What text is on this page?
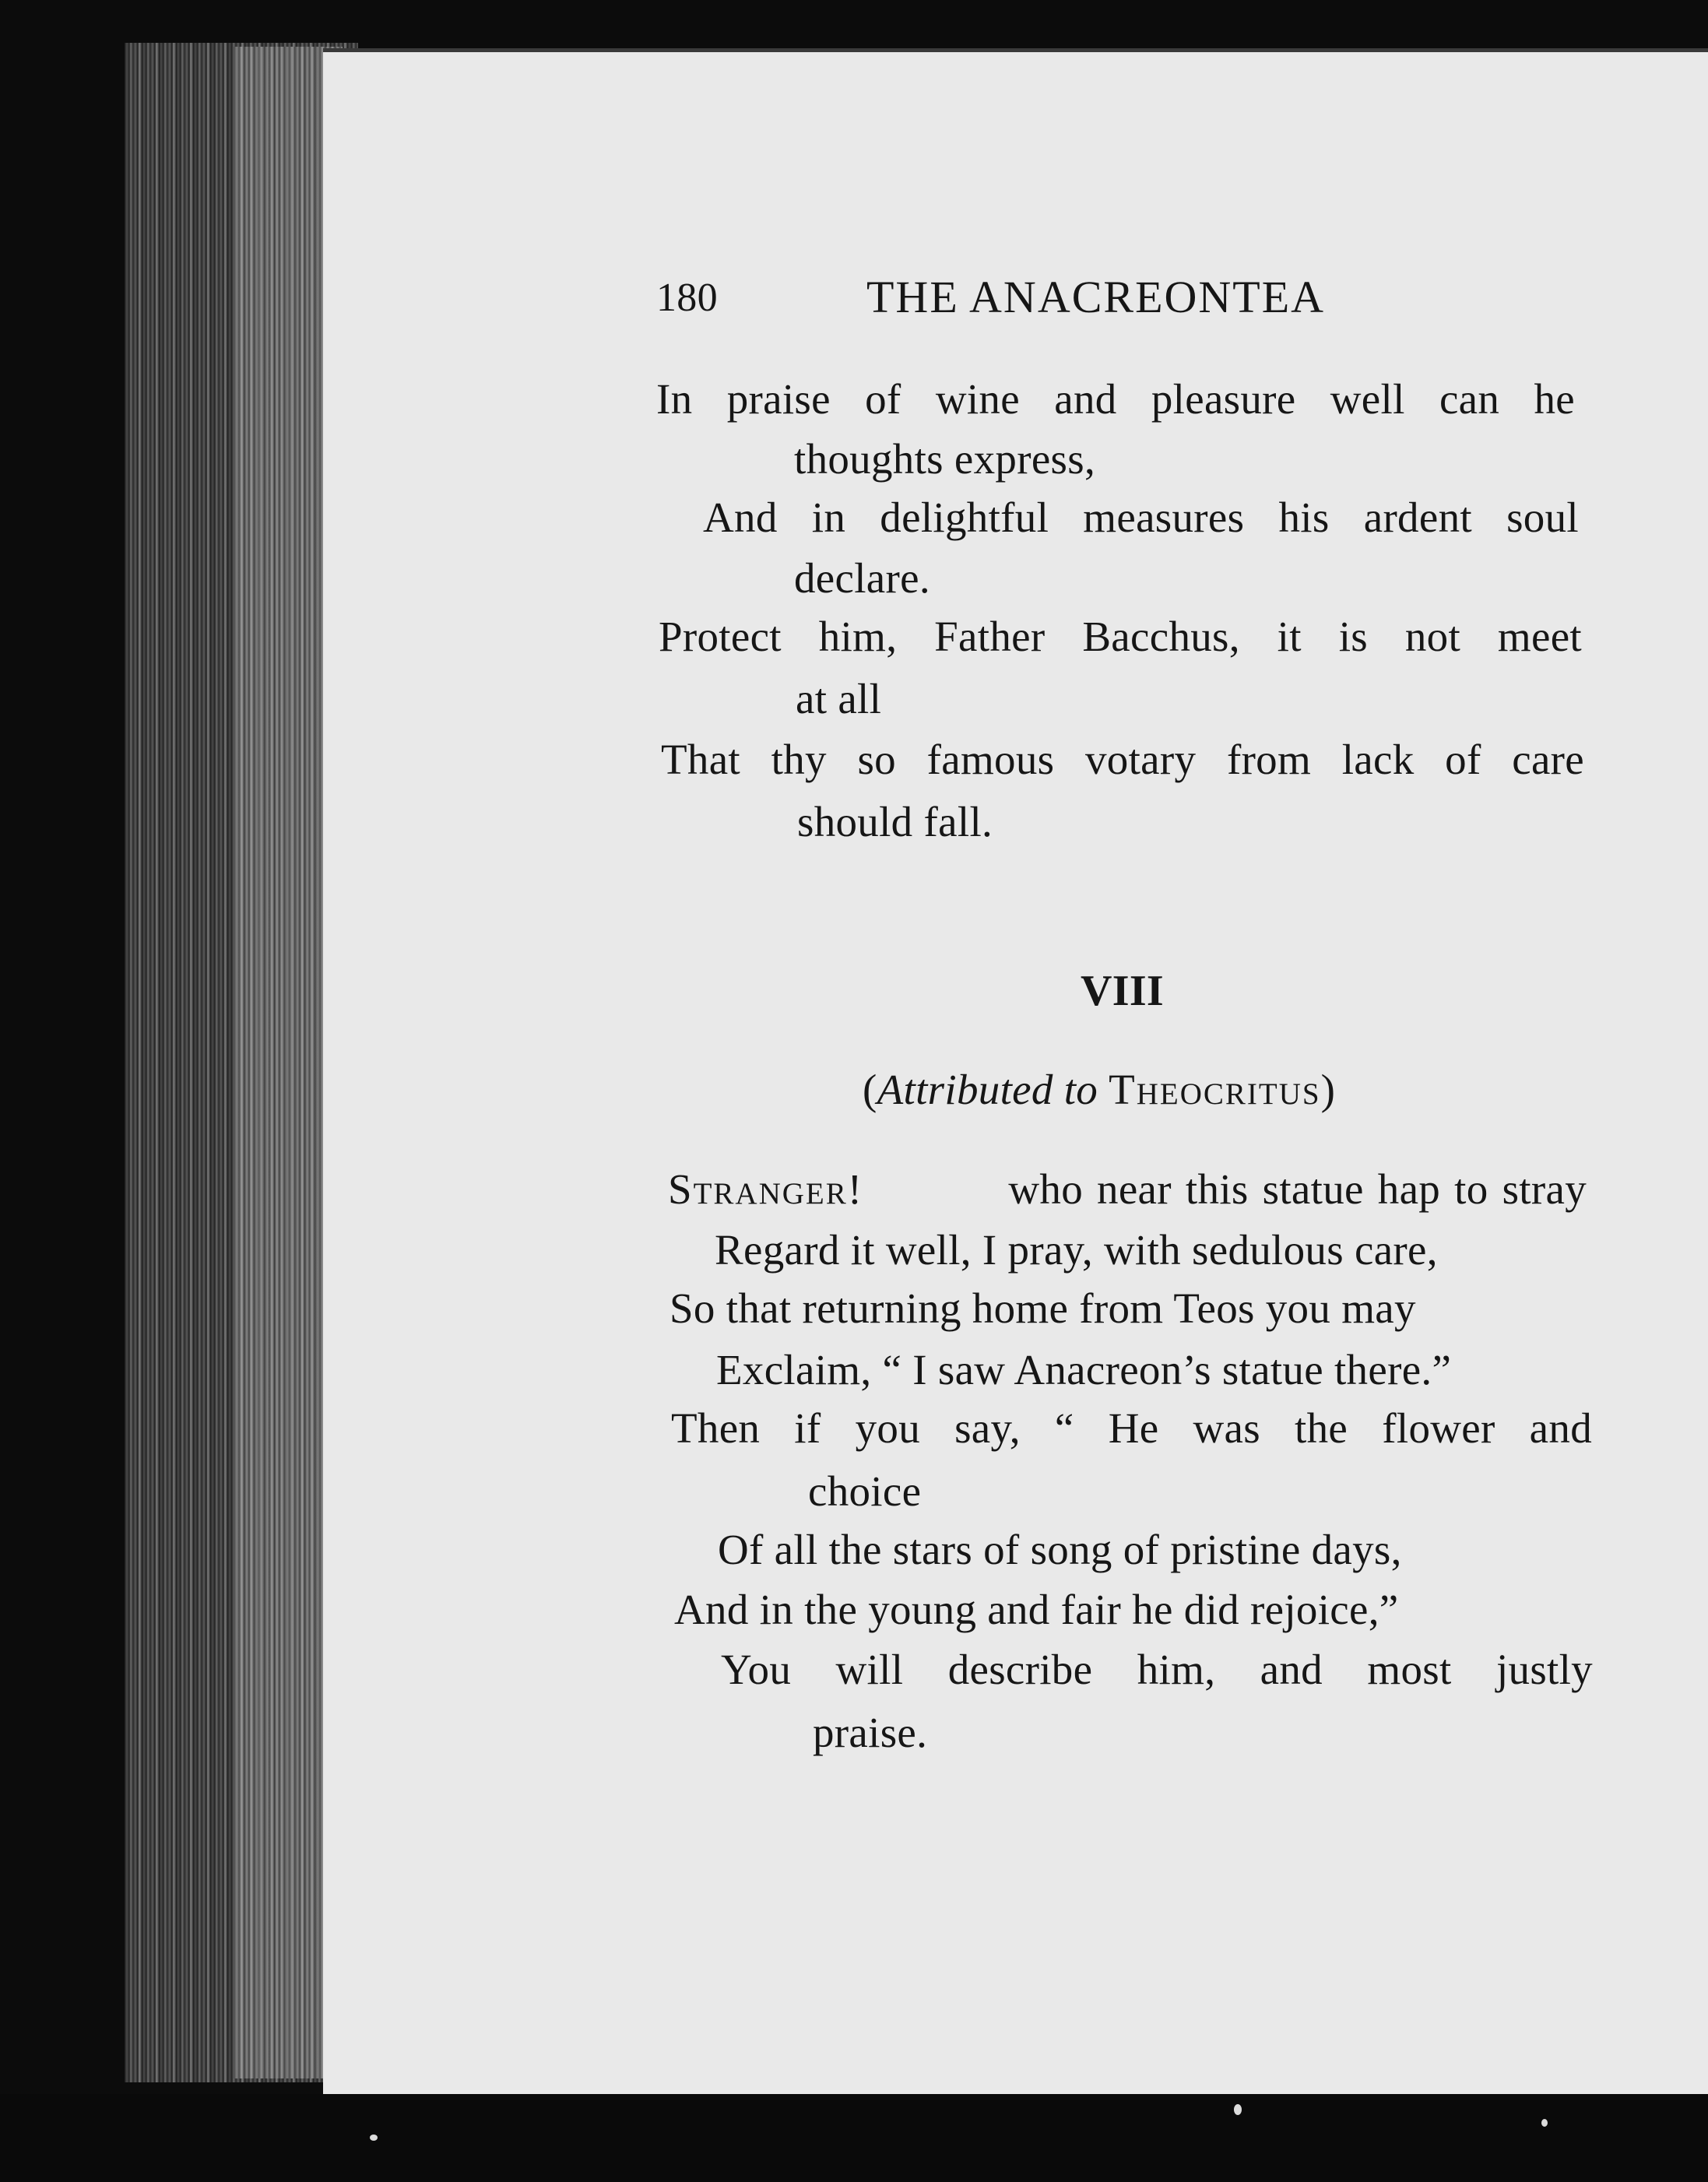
180	THE ANACREONTEA
In praise of wine and pleasure well can he
thoughts express,
And in delightful measures his ardent soul
declare.
Protect him, Father Bacchus, it is not meet
at all
That thy so famous votary from lack of care
should fall.
VIII
(Attributed to Theocritus)
Stranger!	who near this statue hap to stray
Regard it well, I pray, with sedulous care,
So that returning home from Teos you may
Exclaim, “ I saw Anacreon’s statue there.”
Then if you say, “ He was the flower and
choice
Of all the stars of song of pristine days,
And in the young and fair he did rejoice,”
You will describe him, and most justly
praise.
